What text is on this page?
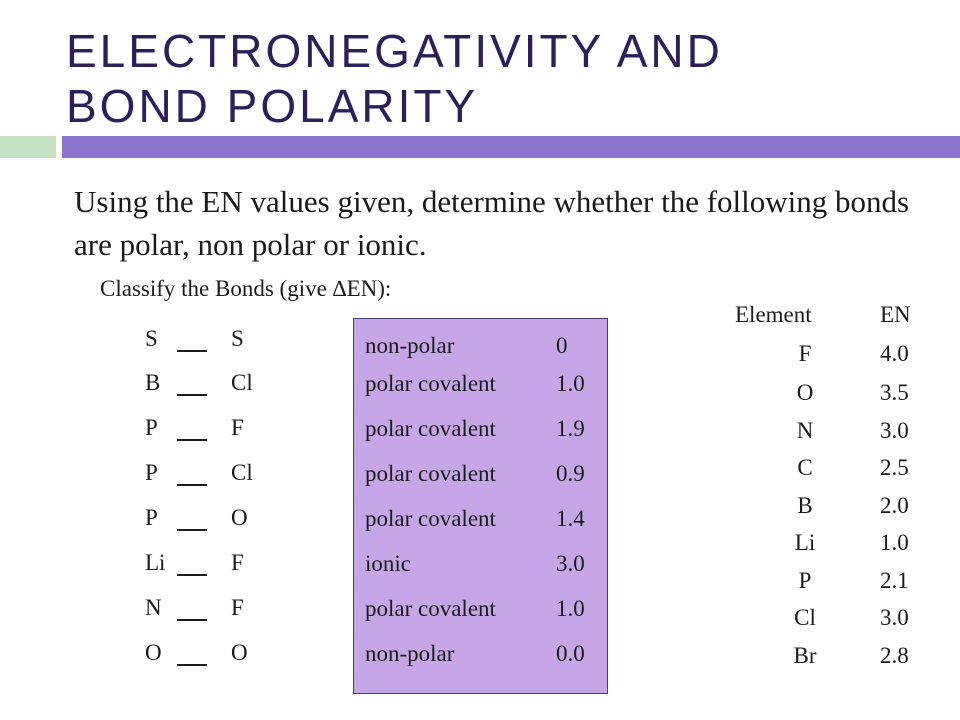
ELECTRONEGATIVITY AND
BOND POLARITY
Using the EN values given, determine whether the following bonds are polar, non polar or ionic.
Classify the Bonds (give ∆EN):
S	S
B	Cl
P	F
P	Cl
P	O
Li	F
N	F
O	O
non-polar	0
polar covalent	1.0
polar covalent	1.9
polar covalent	0.9
polar covalent	1.4
ionic	3.0
polar covalent	1.0
non-polar	0.0
Element	EN
F	4.0
O	3.5
N	3.0
C	2.5
B	2.0
Li	1.0
P	2.1
Cl	3.0
Br	2.8
